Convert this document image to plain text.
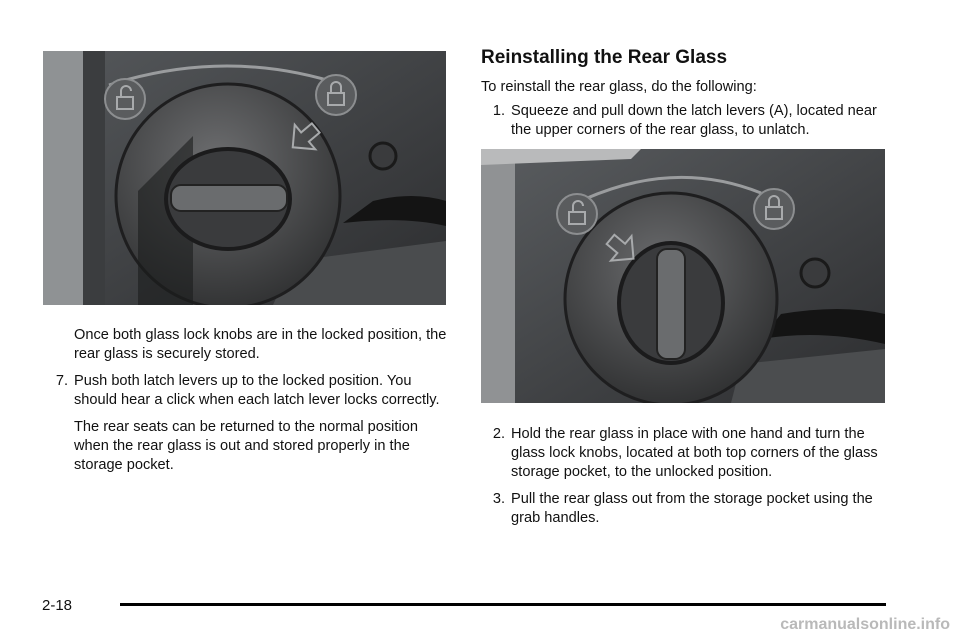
Once both glass lock knobs are in the locked position, the rear glass is securely stored.

7. Push both latch levers up to the locked position. You should hear a click when each latch lever locks correctly.

The rear seats can be returned to the normal position when the rear glass is out and stored properly in the storage pocket.

Reinstalling the Rear Glass

To reinstall the rear glass, do the following:

1. Squeeze and pull down the latch levers (A), located near the upper corners of the rear glass, to unlatch.
2. Hold the rear glass in place with one hand and turn the glass lock knobs, located at both top corners of the glass storage pocket, to the unlocked position.
3. Pull the rear glass out from the storage pocket using the grab handles.
2-18
carmanualsonline.info
